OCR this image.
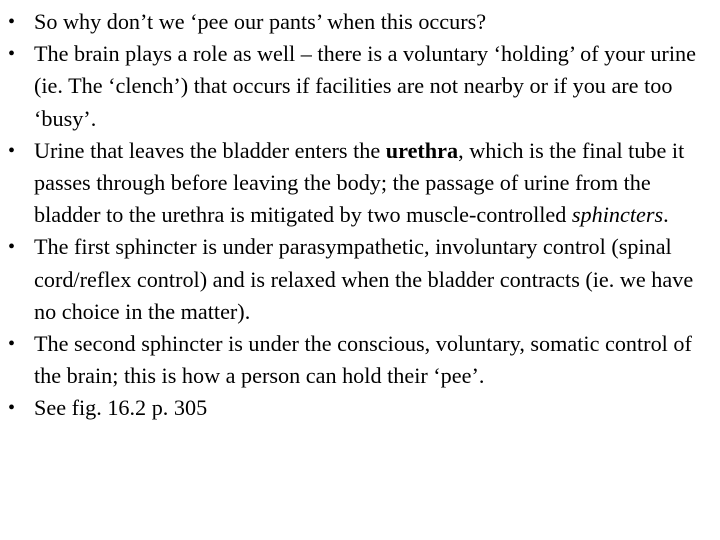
• So why don’t we ‘pee our pants’ when this occurs?
• The brain plays a role as well – there is a voluntary ‘holding’ of your urine (ie. The ‘clench’) that occurs if facilities are not nearby or if you are too ‘busy’.
• Urine that leaves the bladder enters the urethra, which is the final tube it passes through before leaving the body; the passage of urine from the bladder to the urethra is mitigated by two muscle-controlled sphincters.
• The first sphincter is under parasympathetic, involuntary control (spinal cord/reflex control) and is relaxed when the bladder contracts (ie. we have no choice in the matter).
• The second sphincter is under the conscious, voluntary, somatic control of the brain; this is how a person can hold their ‘pee’.
• See fig. 16.2 p. 305
